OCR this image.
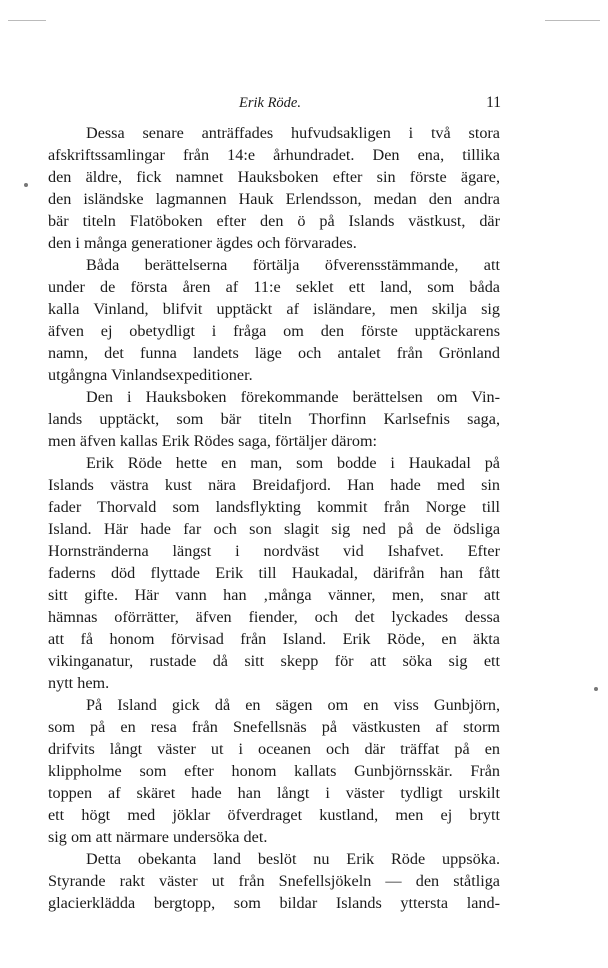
Erik Röde.	11
Dessa senare anträffades hufvudsakligen i två stora
afskriftssamlingar från 14:e århundradet. Den ena, tillika
den äldre, fick namnet Hauksboken efter sin förste ägare,
den isländske lagmannen Hauk Erlendsson, medan den andra
bär titeln Flatöboken efter den ö på Islands västkust, där
den i många generationer ägdes och förvarades.
Båda berättelserna förtälja öfverensstämmande, att
under de första åren af 11:e seklet ett land, som båda
kalla Vinland, blifvit upptäckt af isländare, men skilja sig
äfven ej obetydligt i fråga om den förste upptäckarens
namn, det funna landets läge och antalet från Grönland
utgångna Vinlandsexpeditioner.
Den i Hauksboken förekommande berättelsen om Vin-
lands upptäckt, som bär titeln Thorfinn Karlsefnis saga,
men äfven kallas Erik Rödes saga, förtäljer därom:
Erik Röde hette en man, som bodde i Haukadal på
Islands västra kust nära Breidafjord. Han hade med sin
fader Thorvald som landsflykting kommit från Norge till
Island. Här hade far och son slagit sig ned på de ödsliga
Hornstränderna längst i nordväst vid Ishafvet. Efter
faderns död flyttade Erik till Haukadal, därifrån han fått
sitt gifte. Här vann han ‚många vänner, men, snar att
hämnas oförrätter, äfven fiender, och det lyckades dessa
att få honom förvisad från Island. Erik Röde, en äkta
vikinganatur, rustade då sitt skepp för att söka sig ett
nytt hem.
På Island gick då en sägen om en viss Gunbjörn,
som på en resa från Snefellsnäs på västkusten af storm
drifvits långt väster ut i oceanen och där träffat på en
klippholme som efter honom kallats Gunbjörnsskär. Från
toppen af skäret hade han långt i väster tydligt urskilt
ett högt med jöklar öfverdraget kustland, men ej brytt
sig om att närmare undersöka det.
Detta obekanta land beslöt nu Erik Röde uppsöka.
Styrande rakt väster ut från Snefellsjökeln — den ståtliga
glacierklädda bergtopp, som bildar Islands yttersta land-
